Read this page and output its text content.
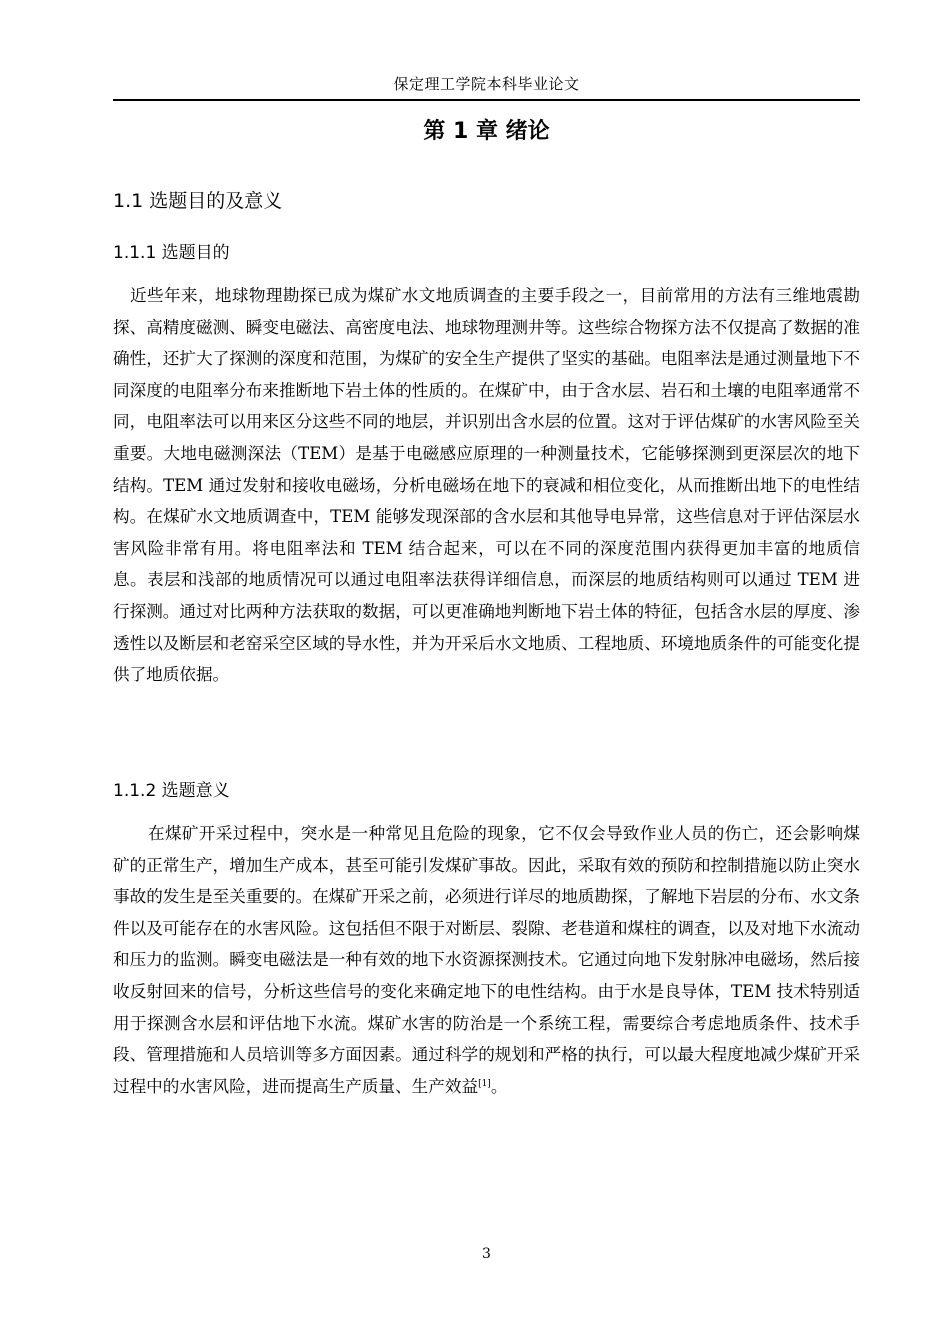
保定理工学院本科毕业论文
第 1 章 绪论
1.1 选题目的及意义
1.1.1 选题目的

近些年来，地球物理勘探已成为煤矿水文地质调查的主要手段之一，目前常用的方法有三维地震勘探、高精度磁测、瞬变电磁法、高密度电法、地球物理测井等。这些综合物探方法不仅提高了数据的准确性，还扩大了探测的深度和范围，为煤矿的安全生产提供了坚实的基础。电阻率法是通过测量地下不同深度的电阻率分布来推断地下岩土体的性质的。在煤矿中，由于含水层、岩石和土壤的电阻率通常不同，电阻率法可以用来区分这些不同的地层，并识别出含水层的位置。这对于评估煤矿的水害风险至关重要。大地电磁测深法（TEM）是基于电磁感应原理的一种测量技术，它能够探测到更深层次的地下结构。TEM 通过发射和接收电磁场，分析电磁场在地下的衰减和相位变化，从而推断出地下的电性结构。在煤矿水文地质调查中，TEM 能够发现深部的含水层和其他导电异常，这些信息对于评估深层水害风险非常有用。将电阻率法和 TEM 结合起来，可以在不同的深度范围内获得更加丰富的地质信息。表层和浅部的地质情况可以通过电阻率法获得详细信息，而深层的地质结构则可以通过 TEM 进行探测。通过对比两种方法获取的数据，可以更准确地判断地下岩土体的特征，包括含水层的厚度、渗透性以及断层和老窑采空区域的导水性，并为开采后水文地质、工程地质、环境地质条件的可能变化提供了地质依据。

1.1.2 选题意义

在煤矿开采过程中，突水是一种常见且危险的现象，它不仅会导致作业人员的伤亡，还会影响煤矿的正常生产，增加生产成本，甚至可能引发煤矿事故。因此，采取有效的预防和控制措施以防止突水事故的发生是至关重要的。在煤矿开采之前，必须进行详尽的地质勘探，了解地下岩层的分布、水文条件以及可能存在的水害风险。这包括但不限于对断层、裂隙、老巷道和煤柱的调查，以及对地下水流动和压力的监测。瞬变电磁法是一种有效的地下水资源探测技术。它通过向地下发射脉冲电磁场，然后接收反射回来的信号，分析这些信号的变化来确定地下的电性结构。由于水是良导体，TEM 技术特别适用于探测含水层和评估地下水流。煤矿水害的防治是一个系统工程，需要综合考虑地质条件、技术手段、管理措施和人员培训等多方面因素。通过科学的规划和严格的执行，可以最大程度地减少煤矿开采过程中的水害风险，进而提高生产质量、生产效益[1]。

3
